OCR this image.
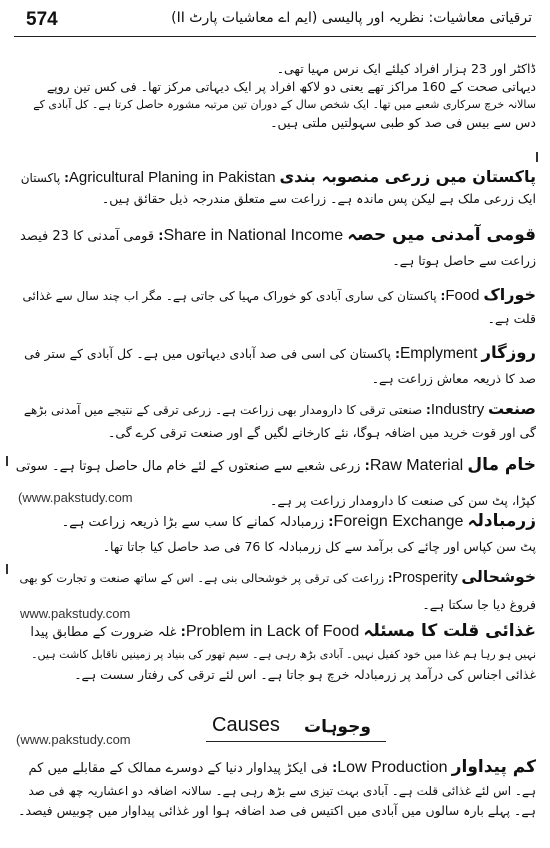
574	ترقیاتی معاشیات: نظریہ اور پالیسی (ایم اے معاشیات پارٹ II)
ڈاکٹر اور 23 ہزار افراد کیلئے ایک نرس مہیا تھی۔
دیہاتی صحت کے 160 مراکز تھے یعنی دو لاکھ افراد پر ایک دیہاتی مرکز تھا۔ فی کس تین روپے
سالانہ خرچ سرکاری شعبے میں تھا۔ ایک شخص سال کے دوران تین مرتبہ مشورہ حاصل کرتا ہے۔ کل آبادی کے
دس سے بیس فی صد کو طبی سہولتیں ملتی ہیں۔
پاکستان میں زرعی منصوبہ بندی Agricultural Planing in Pakistan: پاکستان
ایک زرعی ملک ہے لیکن پس ماندہ ہے۔ زراعت سے متعلق مندرجہ ذیل حقائق ہیں۔
قومی آمدنی میں حصہ Share in National Income: قومی آمدنی کا 23 فیصد
زراعت سے حاصل ہوتا ہے۔
خوراک Food: پاکستان کی ساری آبادی کو خوراک مہیا کی جاتی ہے۔ مگر اب چند سال سے غذائی
قلت ہے۔
روزگار Emplyment: پاکستان کی اسی فی صد آبادی دیہاتوں میں ہے۔ کل آبادی کے ستر فی
صد کا ذریعہ معاش زراعت ہے۔
صنعت Industry: صنعتی ترقی کا دارومدار بھی زراعت ہے۔ زرعی ترقی کے نتیجے میں آمدنی بڑھے
گی اور قوت خرید میں اضافہ ہوگا، نئے کارخانے لگیں گے اور صنعت ترقی کرے گی۔
خام مال Raw Material: زرعی شعبے سے صنعتوں کے لئے خام مال حاصل ہوتا ہے۔ سوتی
کپڑا، پٹ سن کی صنعت کا دارومدار زراعت پر ہے۔
زرمبادلہ Foreign Exchange: زرمبادلہ کمانے کا سب سے بڑا ذریعہ زراعت ہے۔
پٹ سن کپاس اور چائے کی برآمد سے کل زرمبادلہ کا 76 فی صد حاصل کیا جاتا تھا۔
خوشحالی Prosperity: زراعت کی ترقی پر خوشحالی بنی ہے۔ اس کے ساتھ صنعت و تجارت کو بھی
فروغ دیا جا سکتا ہے۔
غذائی قلت کا مسئلہ Problem in Lack of Food: غلہ ضرورت کے مطابق پیدا
نہیں ہو رہا ہم غذا میں خود کفیل نہیں۔ آبادی بڑھ رہی ہے۔ سیم تھور کی بنیاد پر زمینیں ناقابل کاشت ہیں۔
غذائی اجناس کی درآمد پر زرمبادلہ خرچ ہو جاتا ہے۔ اس لئے ترقی کی رفتار سست ہے۔
Causes وجوہات
کم پیداوار Low Production: فی ایکڑ پیداوار دنیا کے دوسرے ممالک کے مقابلے میں کم
ہے۔ اس لئے غذائی قلت ہے۔ آبادی بہت تیزی سے بڑھ رہی ہے۔ سالانہ اضافہ دو اعشاریہ چھ فی صد
ہے۔ پہلے بارہ سالوں میں آبادی میں اکتیس فی صد اضافہ ہوا اور غذائی پیداوار میں چوبیس فیصد۔
(www.pakstudy.com
www.pakstudy.com
(www.pakstudy.com
